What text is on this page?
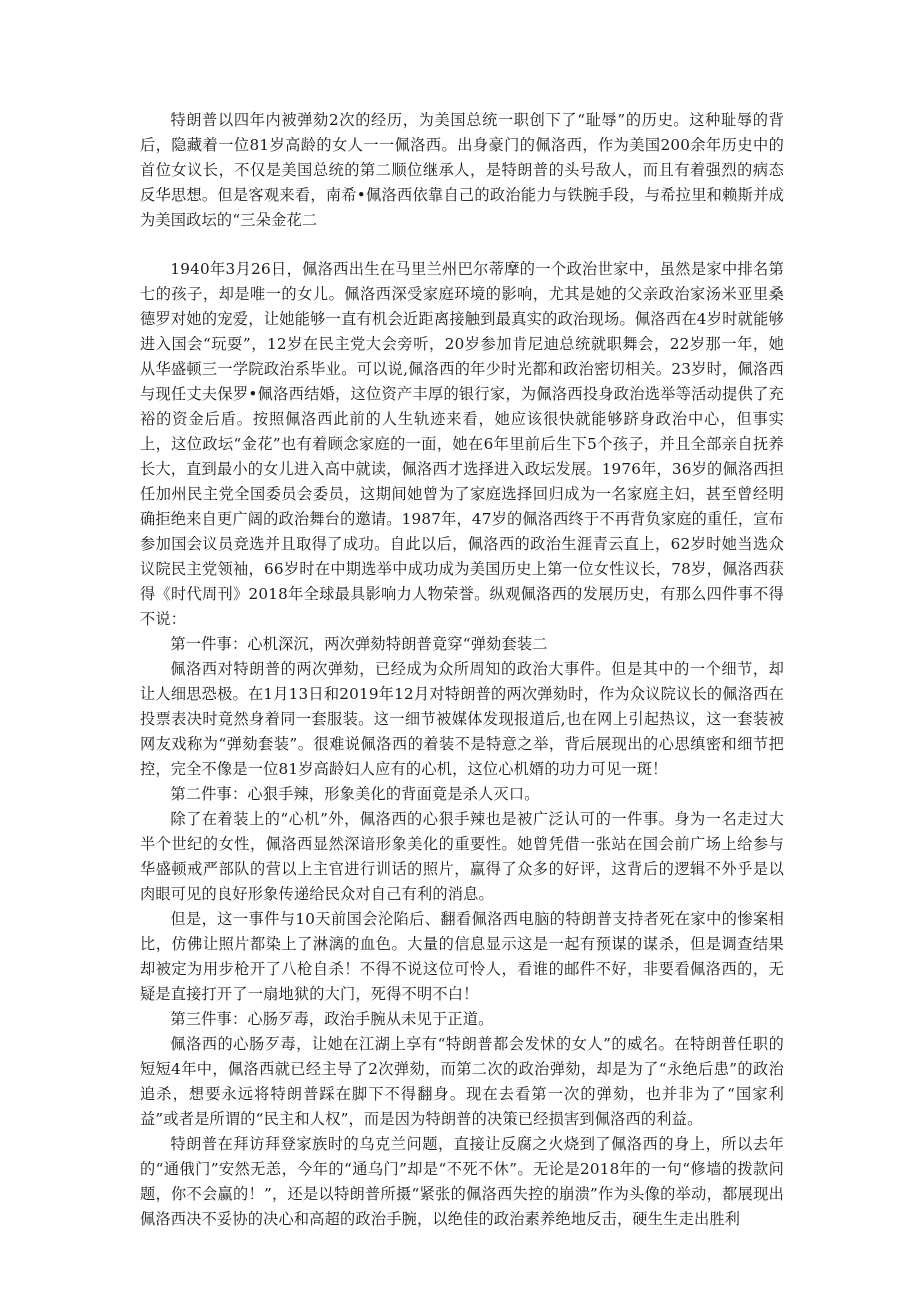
特朗普以四年内被弹劾2次的经历，为美国总统一职创下了“耻辱”的历史。这种耻辱的背后，隐藏着一位81岁高龄的女人一一佩洛西。出身豪门的佩洛西，作为美国200余年历史中的首位女议长，不仅是美国总统的第二顺位继承人，是特朗普的头号敌人，而且有着强烈的病态反华思想。但是客观来看，南希•佩洛西依靠自己的政治能力与铁腕手段，与希拉里和赖斯并成为美国政坛的“三朵金花二

1940年3月26日，佩洛西出生在马里兰州巴尔蒂摩的一个政治世家中，虽然是家中排名第七的孩子，却是唯一的女儿。佩洛西深受家庭环境的影响，尤其是她的父亲政治家汤米亚里桑德罗对她的宠爱，让她能够一直有机会近距离接触到最真实的政治现场。佩洛西在4岁时就能够进入国会“玩耍”，12岁在民主党大会旁听，20岁参加肯尼迪总统就职舞会，22岁那一年，她从华盛顿三一学院政治系毕业。可以说,佩洛西的年少时光都和政治密切相关。23岁时，佩洛西与现任丈夫保罗•佩洛西结婚，这位资产丰厚的银行家，为佩洛西投身政治选举等活动提供了充裕的资金后盾。按照佩洛西此前的人生轨迹来看，她应该很快就能够跻身政治中心，但事实上，这位政坛“金花”也有着顾念家庭的一面，她在6年里前后生下5个孩子，并且全部亲自抚养长大，直到最小的女儿进入高中就读，佩洛西才选择进入政坛发展。1976年，36岁的佩洛西担任加州民主党全国委员会委员，这期间她曾为了家庭选择回归成为一名家庭主妇，甚至曾经明确拒绝来自更广阔的政治舞台的邀请。1987年，47岁的佩洛西终于不再背负家庭的重任，宣布参加国会议员竞选并且取得了成功。自此以后，佩洛西的政治生涯青云直上，62岁时她当选众议院民主党领袖，66岁时在中期选举中成功成为美国历史上第一位女性议长，78岁，佩洛西获得《时代周刊》2018年全球最具影响力人物荣誉。纵观佩洛西的发展历史，有那么四件事不得不说：

第一件事：心机深沉，两次弹劾特朗普竟穿“弹劾套装二

佩洛西对特朗普的两次弹劾，已经成为众所周知的政治大事件。但是其中的一个细节，却让人细思恐极。在1月13日和2019年12月对特朗普的两次弹劾时，作为众议院议长的佩洛西在投票表决时竟然身着同一套服装。这一细节被媒体发现报道后,也在网上引起热议，这一套装被网友戏称为“弹劾套装”。很难说佩洛西的着装不是特意之举，背后展现出的心思缜密和细节把控，完全不像是一位81岁高龄妇人应有的心机，这位心机婿的功力可见一斑！

第二件事：心狠手辣，形象美化的背面竟是杀人灭口。

除了在着装上的“心机”外，佩洛西的心狠手辣也是被广泛认可的一件事。身为一名走过大半个世纪的女性，佩洛西显然深谙形象美化的重要性。她曾凭借一张站在国会前广场上给参与华盛顿戒严部队的营以上主官进行训话的照片，赢得了众多的好评，这背后的逻辑不外乎是以肉眼可见的良好形象传递给民众对自己有利的消息。

但是，这一事件与10天前国会沦陷后、翻看佩洛西电脑的特朗普支持者死在家中的惨案相比，仿佛让照片都染上了淋漓的血色。大量的信息显示这是一起有预谋的谋杀，但是调查结果却被定为用步枪开了八枪自杀！不得不说这位可怜人，看谁的邮件不好，非要看佩洛西的，无疑是直接打开了一扇地狱的大门，死得不明不白！

第三件事：心肠歹毒，政治手腕从未见于正道。

佩洛西的心肠歹毒，让她在江湖上享有“特朗普都会发怵的女人”的威名。在特朗普任职的短短4年中，佩洛西就已经主导了2次弹劾，而第二次的政治弹劾，却是为了“永绝后患”的政治追杀，想要永远将特朗普踩在脚下不得翻身。现在去看第一次的弹劾，也并非为了“国家利益”或者是所谓的“民主和人权”，而是因为特朗普的决策已经损害到佩洛西的利益。

特朗普在拜访拜登家族时的乌克兰问题，直接让反腐之火烧到了佩洛西的身上，所以去年的“通俄门”安然无恙，今年的“通乌门”却是“不死不休”。无论是2018年的一句“修墙的拨款问题，你不会赢的！”，还是以特朗普所摄“紧张的佩洛西失控的崩溃”作为头像的举动，都展现出佩洛西决不妥协的决心和高超的政治手腕，以绝佳的政治素养绝地反击，硬生生走出胜利
